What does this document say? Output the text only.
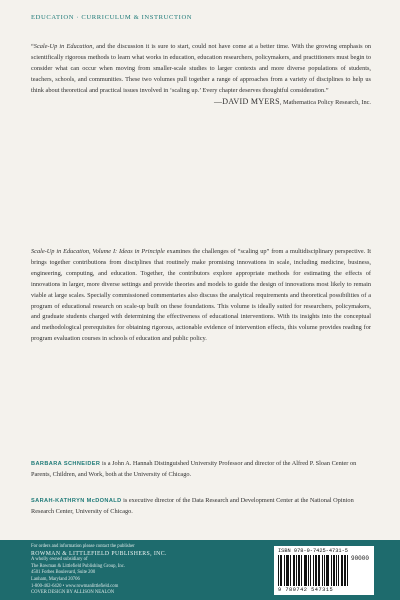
EDUCATION · CURRICULUM & INSTRUCTION
“Scale-Up in Education, and the discussion it is sure to start, could not have come at a better time. With the growing emphasis on scientifically rigorous methods to learn what works in education, education researchers, policymakers, and practitioners must begin to consider what can occur when moving from smaller-scale studies to larger contexts and more diverse populations of students, teachers, schools, and communities. These two volumes pull together a range of approaches from a variety of disciplines to help us think about theoretical and practical issues involved in ‘scaling up.’ Every chapter deserves thoughtful consideration.”
—DAVID MYERS, Mathematica Policy Research, Inc.
Scale-Up in Education, Volume I: Ideas in Principle examines the challenges of “scaling up” from a multidisciplinary perspective. It brings together contributions from disciplines that routinely make promising innovations in scale, including medicine, business, engineering, computing, and education. Together, the contributors explore appropriate methods for estimating the effects of innovations in larger, more diverse settings and provide theories and models to guide the design of innovations most likely to remain viable at large scales. Specially commissioned commentaries also discuss the analytical requirements and theoretical possibilities of a program of educational research on scale-up built on these foundations. This volume is ideally suited for researchers, policymakers, and graduate students charged with determining the effectiveness of educational interventions. With its insights into the conceptual and methodological prerequisites for obtaining rigorous, actionable evidence of intervention effects, this volume provides reading for program evaluation courses in schools of education and public policy.
BARBARA SCHNEIDER is a John A. Hannah Distinguished University Professor and director of the Alfred P. Sloan Center on Parents, Children, and Work, both at the University of Chicago.
SARAH-KATHRYN McDONALD is executive director of the Data Research and Development Center at the National Opinion Research Center, University of Chicago.
For orders and information please contact the publisher
ROWMAN & LITTLEFIELD PUBLISHERS, INC.
A wholly owned subsidiary of
The Rowman & Littlefield Publishing Group, Inc.
4501 Forbes Boulevard, Suite 200
Lanham, Maryland 20706
1-800-462-6420 • www.rowmanlittlefield.com
COVER DESIGN BY ALLISON NEALON
ISBN 978-0-7425-4731-5
90000
9 780742 547315
